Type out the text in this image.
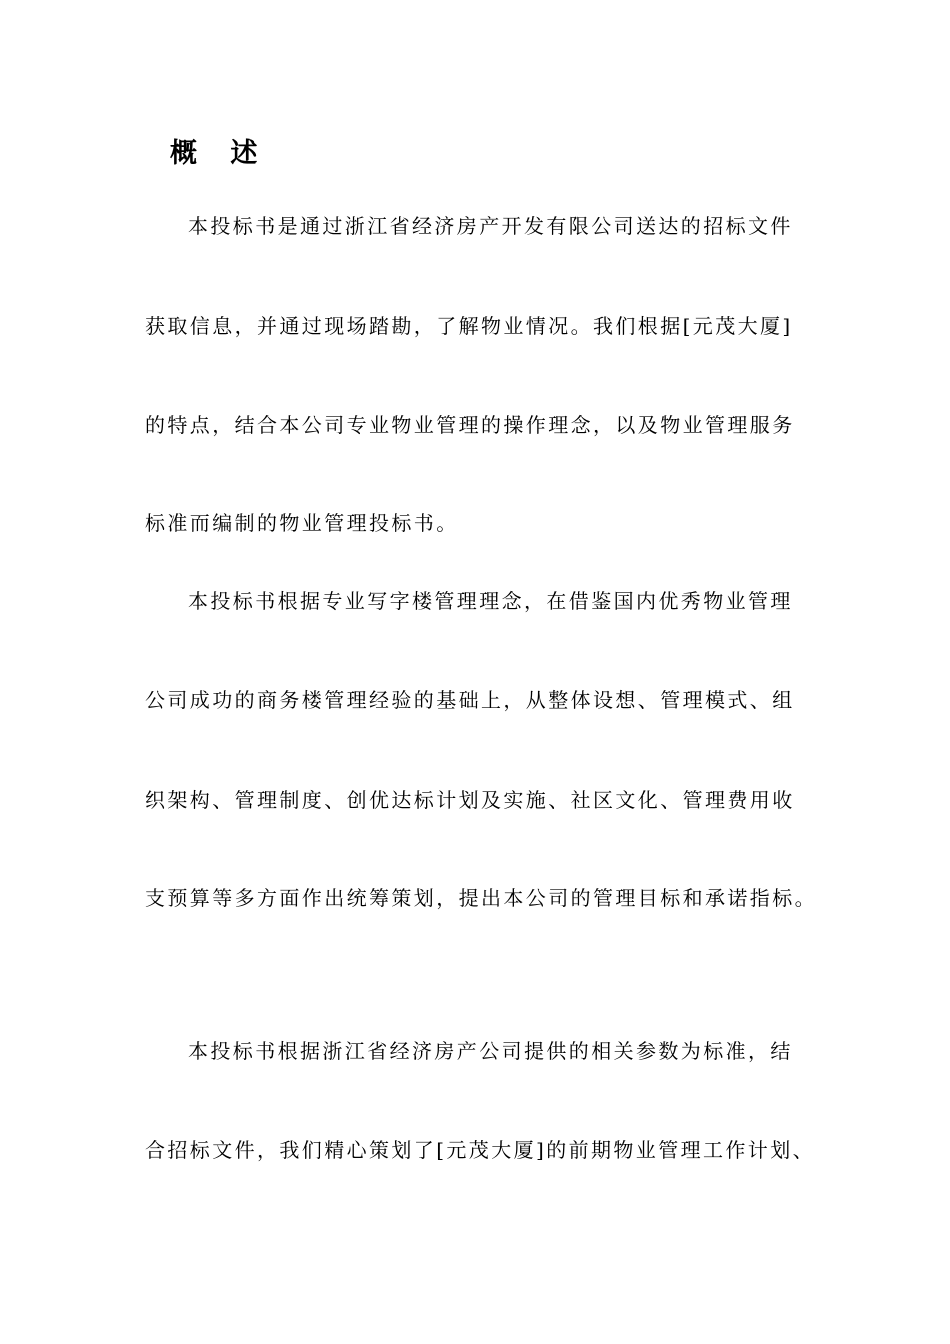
概 述
本投标书是通过浙江省经济房产开发有限公司送达的招标文件
获取信息，并通过现场踏勘，了解物业情况。我们根据[元茂大厦]
的特点，结合本公司专业物业管理的操作理念，以及物业管理服务
标准而编制的物业管理投标书。
本投标书根据专业写字楼管理理念，在借鉴国内优秀物业管理
公司成功的商务楼管理经验的基础上，从整体设想、管理模式、组
织架构、管理制度、创优达标计划及实施、社区文化、管理费用收
支预算等多方面作出统筹策划，提出本公司的管理目标和承诺指标。
本投标书根据浙江省经济房产公司提供的相关参数为标准，结
合招标文件，我们精心策划了[元茂大厦]的前期物业管理工作计划、
